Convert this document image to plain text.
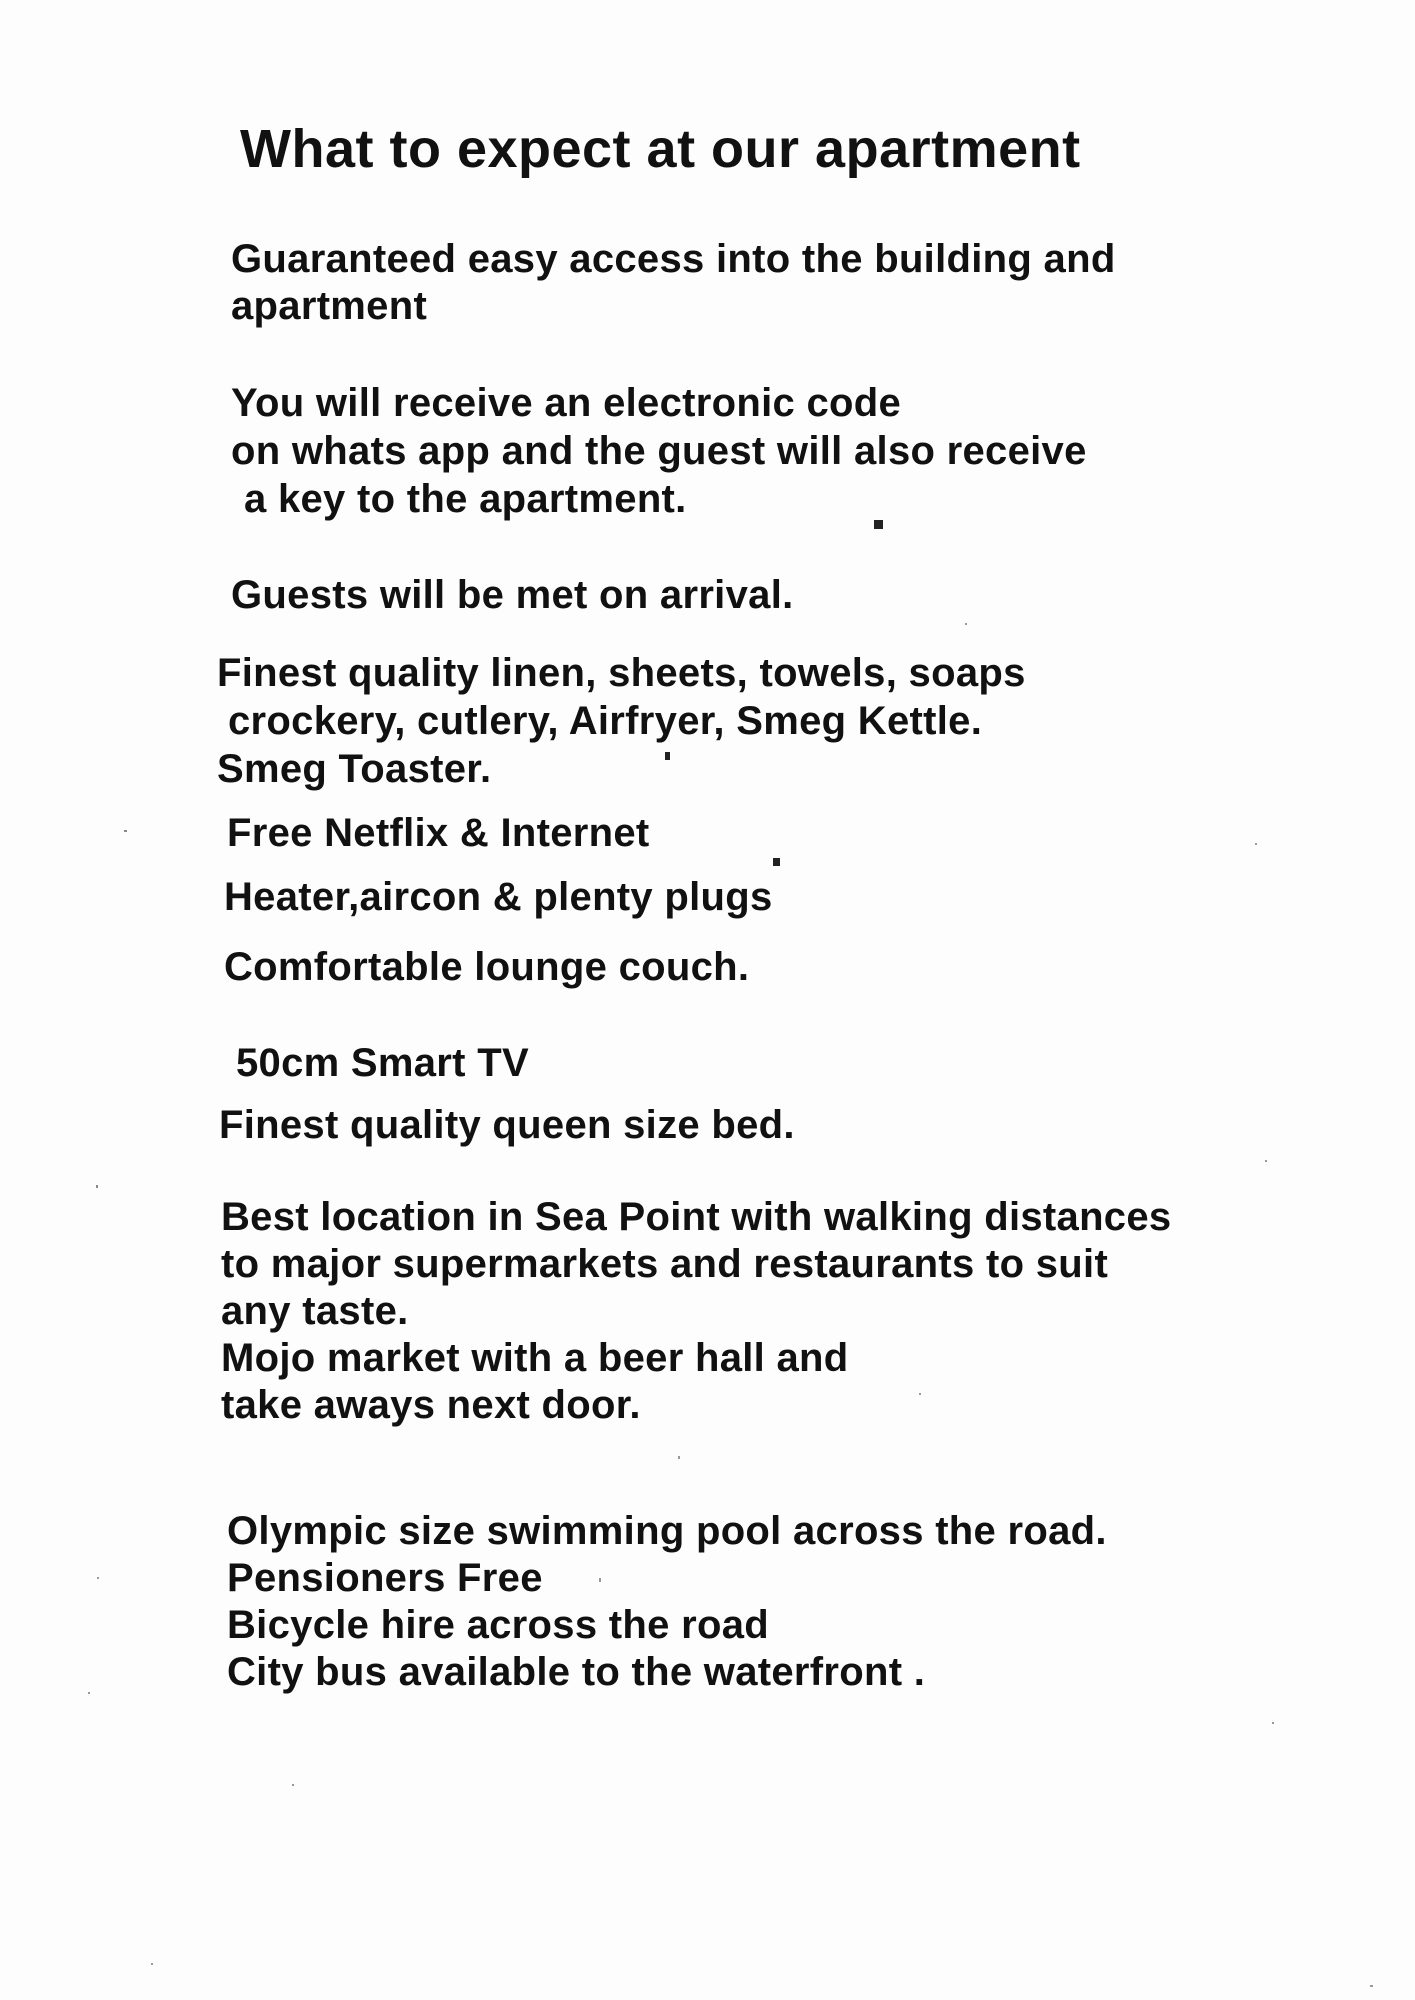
What to expect at our apartment

Guaranteed easy access into the building and

apartment

You will receive an electronic code

on whats app and the guest will also receive

a key to the apartment.

Guests will be met on arrival.

Finest quality linen, sheets, towels, soaps

crockery, cutlery, Airfryer, Smeg Kettle.

Smeg Toaster.

Free Netflix & Internet

Heater,aircon & plenty plugs

Comfortable lounge couch.

50cm Smart TV

Finest quality queen size bed.

Best location in Sea Point with walking distances

to major supermarkets and restaurants to suit

any taste.

Mojo market with a beer hall and

take aways next door.

Olympic size swimming pool across the road.

Pensioners Free

Bicycle hire across the road

City bus available to the waterfront .
